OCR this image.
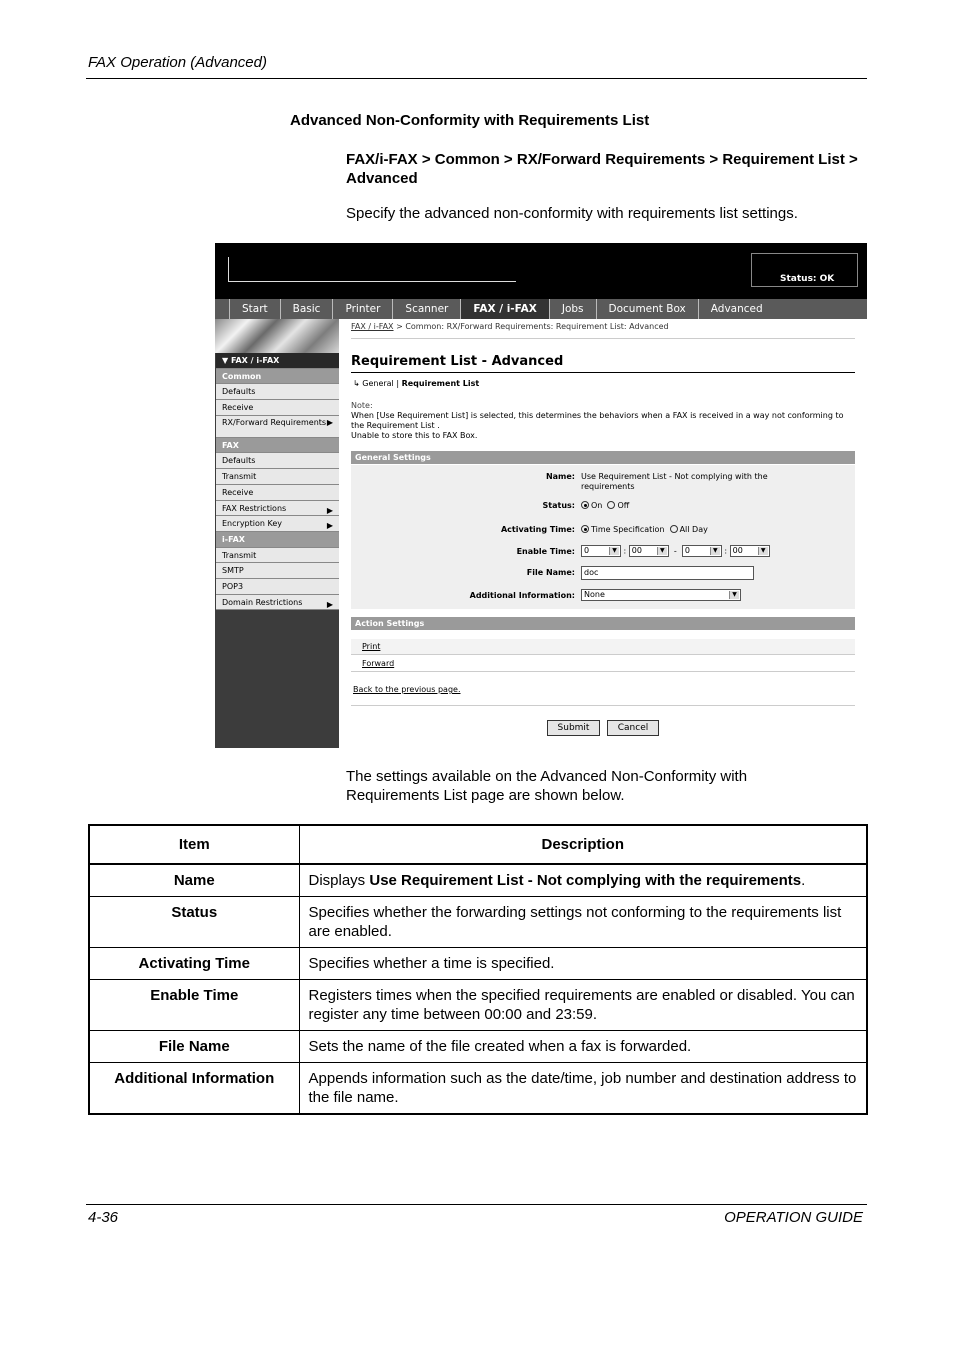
FAX Operation (Advanced)
Advanced Non-Conformity with Requirements List
FAX/i-FAX > Common > RX/Forward Requirements > Requirement List > Advanced
Specify the advanced non-conformity with requirements list settings.
Status: OK
Start	Basic	Printer	Scanner	FAX / i-FAX	Jobs	Document Box	Advanced
▼ FAX / i-FAX
Common
Defaults
Receive
RX/Forward Requirements ▶
FAX
Defaults
Transmit
Receive
FAX Restrictions	▶
Encryption Key	▶
i-FAX
Transmit
SMTP
POP3
Domain Restrictions	▶
FAX / i-FAX > Common: RX/Forward Requirements: Requirement List: Advanced
Requirement List - Advanced
↳ General | Requirement List
Note:
When [Use Requirement List] is selected, this determines the behaviors when a FAX is received in a way not conforming to the Requirement List .
Unable to store this to FAX Box.
General Settings
Name: Use Requirement List - Not complying with the requirements
Status:	On Off
Activating Time:	Time Specification All Day
Enable Time:	0	▼ : 00	▼ -  0	▼ : 00	▼
File Name:	doc
Additional Information:	None	▼
Action Settings
Print
Forward
Back to the previous page.
Submit	Cancel
The settings available on the Advanced Non-Conformity with Requirements List page are shown below.
Item	Description
Name	Displays Use Requirement List - Not complying with the requirements.
Status	Specifies whether the forwarding settings not conforming to the requirements list are enabled.
Activating Time	Specifies whether a time is specified.
Enable Time	Registers times when the specified requirements are enabled or disabled. You can register any time between 00:00 and 23:59.
File Name	Sets the name of the file created when a fax is forwarded.
Additional Information	Appends information such as the date/time, job number and destination address to the file name.
4-36	OPERATION GUIDE
